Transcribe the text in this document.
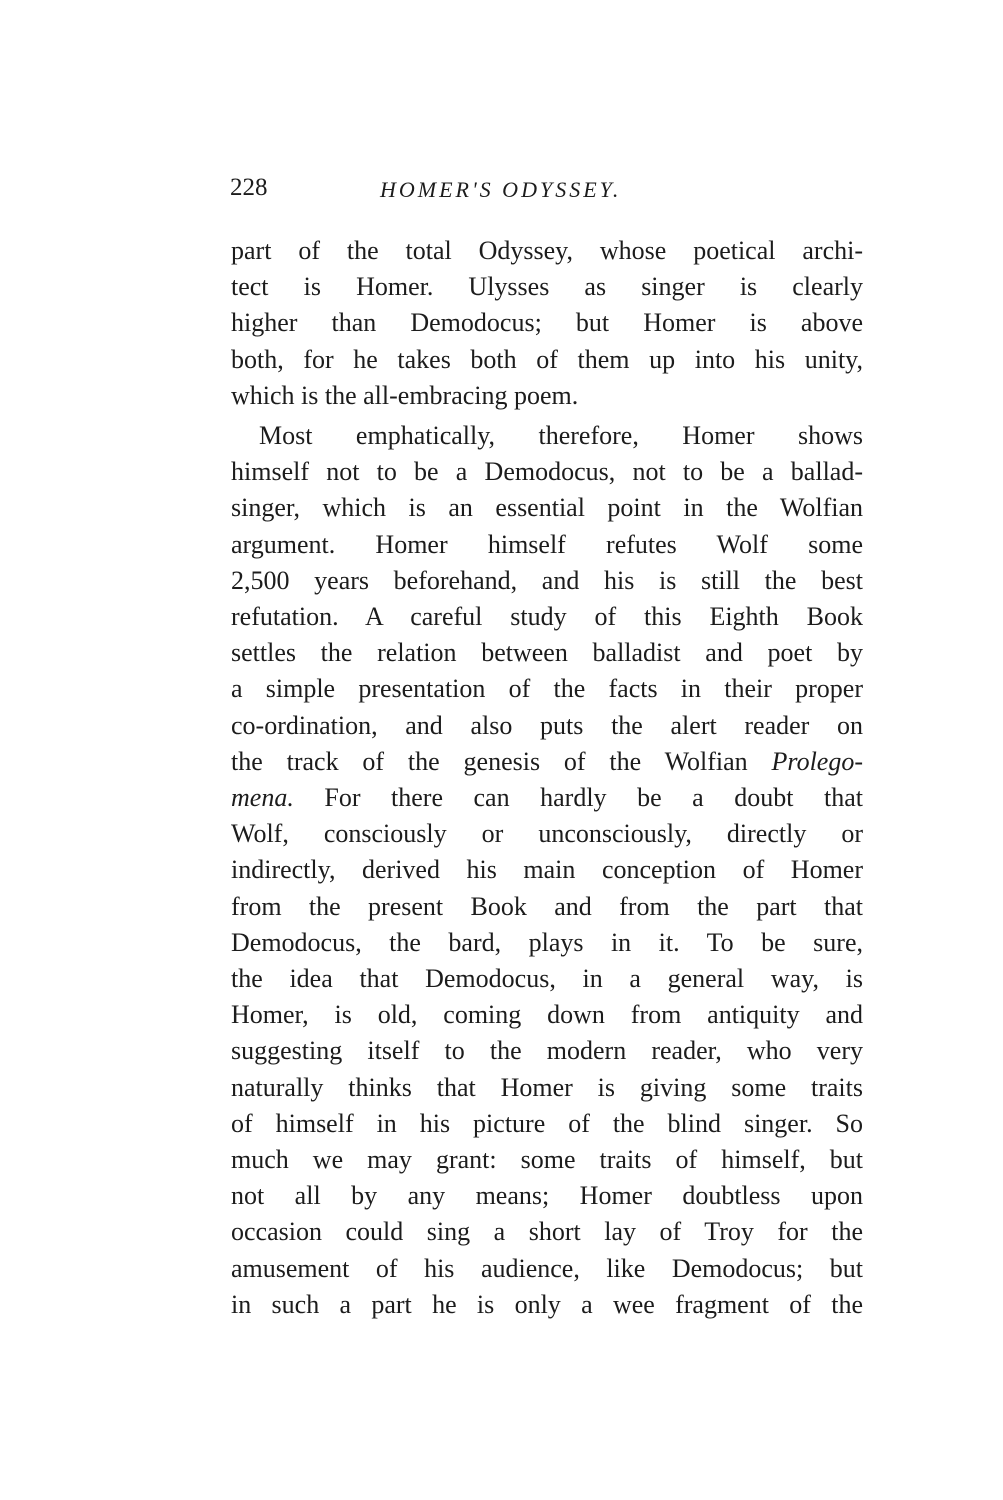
228	HOMER'S ODYSSEY.
part of the total Odyssey, whose poetical archi-
tect is Homer. Ulysses as singer is clearly
higher than Demodocus; but Homer is above
both, for he takes both of them up into his unity,
which is the all-embracing poem.
Most emphatically, therefore, Homer shows
himself not to be a Demodocus, not to be a ballad-
singer, which is an essential point in the Wolfian
argument. Homer himself refutes Wolf some
2,500 years beforehand, and his is still the best
refutation. A careful study of this Eighth Book
settles the relation between balladist and poet by
a simple presentation of the facts in their proper
co-ordination, and also puts the alert reader on
the track of the genesis of the Wolfian Prolego-
mena. For there can hardly be a doubt that
Wolf, consciously or unconsciously, directly or
indirectly, derived his main conception of Homer
from the present Book and from the part that
Demodocus, the bard, plays in it. To be sure,
the idea that Demodocus, in a general way, is
Homer, is old, coming down from antiquity and
suggesting itself to the modern reader, who very
naturally thinks that Homer is giving some traits
of himself in his picture of the blind singer. So
much we may grant: some traits of himself, but
not all by any means; Homer doubtless upon
occasion could sing a short lay of Troy for the
amusement of his audience, like Demodocus; but
in such a part he is only a wee fragment of the
